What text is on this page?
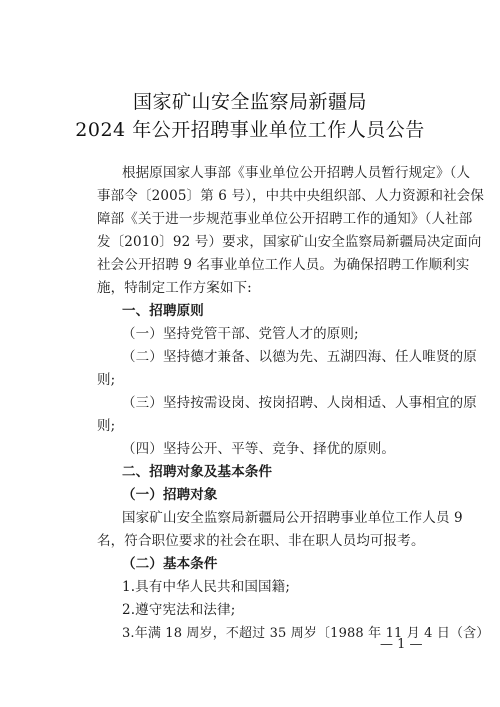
国家矿山安全监察局新疆局
2024 年公开招聘事业单位工作人员公告
根据原国家人事部《事业单位公开招聘人员暂行规定》（人
事部令〔2005〕第 6 号），中共中央组织部、人力资源和社会保
障部《关于进一步规范事业单位公开招聘工作的通知》（人社部
发〔2010〕92 号）要求，国家矿山安全监察局新疆局决定面向
社会公开招聘 9 名事业单位工作人员。为确保招聘工作顺利实
施，特制定工作方案如下:
一、招聘原则
（一）坚持党管干部、党管人才的原则;
（二）坚持德才兼备、以德为先、五湖四海、任人唯贤的原
则;
（三）坚持按需设岗、按岗招聘、人岗相适、人事相宜的原
则;
（四）坚持公开、平等、竞争、择优的原则。
二、招聘对象及基本条件
（一）招聘对象
国家矿山安全监察局新疆局公开招聘事业单位工作人员 9
名，符合职位要求的社会在职、非在职人员均可报考。
（二）基本条件
1.具有中华人民共和国国籍;
2.遵守宪法和法律;
3.年满 18 周岁，不超过 35 周岁〔1988 年 11 月 4 日（含）
— 1 —
